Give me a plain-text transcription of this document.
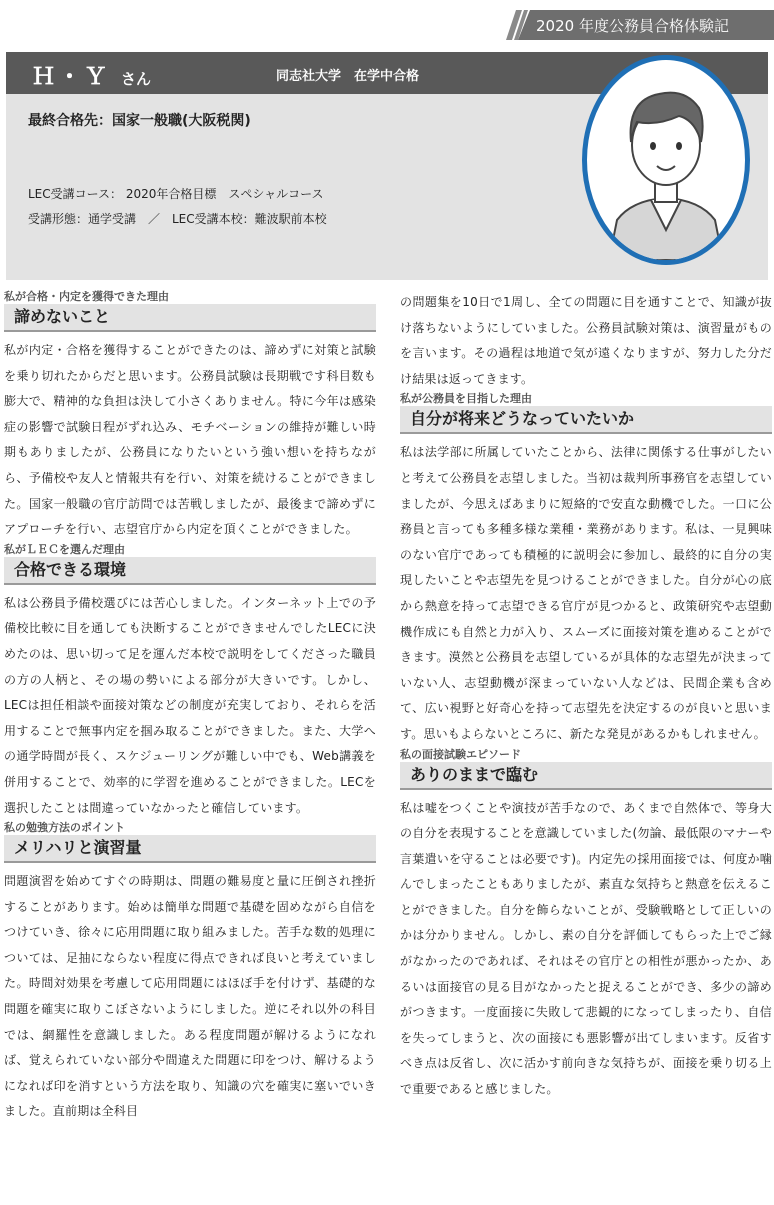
2020 年度公務員合格体験記
Ｈ・Ｙ さん	同志社大学　在学中合格
最終合格先：国家一般職(大阪税関)
LEC受講コース： 2020年合格目標　スペシャルコース
受講形態：通学受講　／　LEC受講本校：難波駅前本校
私が合格・内定を獲得できた理由
諦めないこと

私が内定・合格を獲得することができたのは、諦めずに対策と試験を乗り切れたからだと思います。公務員試験は長期戦です科目数も膨大で、精神的な負担は決して小さくありません。特に今年は感染症の影響で試験日程がずれ込み、モチベーションの維持が難しい時期もありましたが、公務員になりたいという強い想いを持ちながら、予備校や友人と情報共有を行い、対策を続けることができました。国家一般職の官庁訪問では苦戦しましたが、最後まで諦めずにアプローチを行い、志望官庁から内定を頂くことができました。

私がＬＥＣを選んだ理由
合格できる環境

私は公務員予備校選びには苦心しました。インターネット上での予備校比較に目を通しても決断することができませんでしたLECに決めたのは、思い切って足を運んだ本校で説明をしてくださった職員の方の人柄と、その場の勢いによる部分が大きいです。しかし、LECは担任相談や面接対策などの制度が充実しており、それらを活用することで無事内定を掴み取ることができました。また、大学への通学時間が長く、スケジューリングが難しい中でも、Web講義を併用することで、効率的に学習を進めることができました。LECを選択したことは間違っていなかったと確信しています。

私の勉強方法のポイント
メリハリと演習量

問題演習を始めてすぐの時期は、問題の難易度と量に圧倒され挫折することがあります。始めは簡単な問題で基礎を固めながら自信をつけていき、徐々に応用問題に取り組みました。苦手な数的処理については、足抽にならない程度に得点できれば良いと考えていました。時間対効果を考慮して応用問題にはほぼ手を付けず、基礎的な問題を確実に取りこぼさないようにしました。逆にそれ以外の科目では、網羅性を意識しました。ある程度問題が解けるようになれば、覚えられていない部分や間違えた問題に印をつけ、解けるようになれば印を消すという方法を取り、知識の穴を確実に塞いでいきました。直前期は全科目

の問題集を10日で1周し、全ての問題に目を通すことで、知識が抜け落ちないようにしていました。公務員試験対策は、演習量がものを言います。その過程は地道で気が遠くなりますが、努力した分だけ結果は返ってきます。

私が公務員を目指した理由
自分が将来どうなっていたいか

私は法学部に所属していたことから、法律に関係する仕事がしたいと考えて公務員を志望しました。当初は裁判所事務官を志望していましたが、今思えばあまりに短絡的で安直な動機でした。一口に公務員と言っても多種多様な業種・業務があります。私は、一見興味のない官庁であっても積極的に説明会に参加し、最終的に自分の実現したいことや志望先を見つけることができました。自分が心の底から熱意を持って志望できる官庁が見つかると、政策研究や志望動機作成にも自然と力が入り、スムーズに面接対策を進めることができます。漠然と公務員を志望しているが具体的な志望先が決まっていない人、志望動機が深まっていない人などは、民間企業も含めて、広い視野と好奇心を持って志望先を決定するのが良いと思います。思いもよらないところに、新たな発見があるかもしれません。

私の面接試験エピソード
ありのままで臨む

私は嘘をつくことや演技が苦手なので、あくまで自然体で、等身大の自分を表現することを意識していました(勿論、最低限のマナーや言葉遣いを守ることは必要です)。内定先の採用面接では、何度か噛んでしまったこともありましたが、素直な気持ちと熱意を伝えることができました。自分を飾らないことが、受験戦略として正しいのかは分かりません。しかし、素の自分を評価してもらった上でご縁がなかったのであれば、それはその官庁との相性が悪かったか、あるいは面接官の見る目がなかったと捉えることができ、多少の諦めがつきます。一度面接に失敗して悲観的になってしまったり、自信を失ってしまうと、次の面接にも悪影響が出てしまいます。反省すべき点は反省し、次に活かす前向きな気持ちが、面接を乗り切る上で重要であると感じました。
